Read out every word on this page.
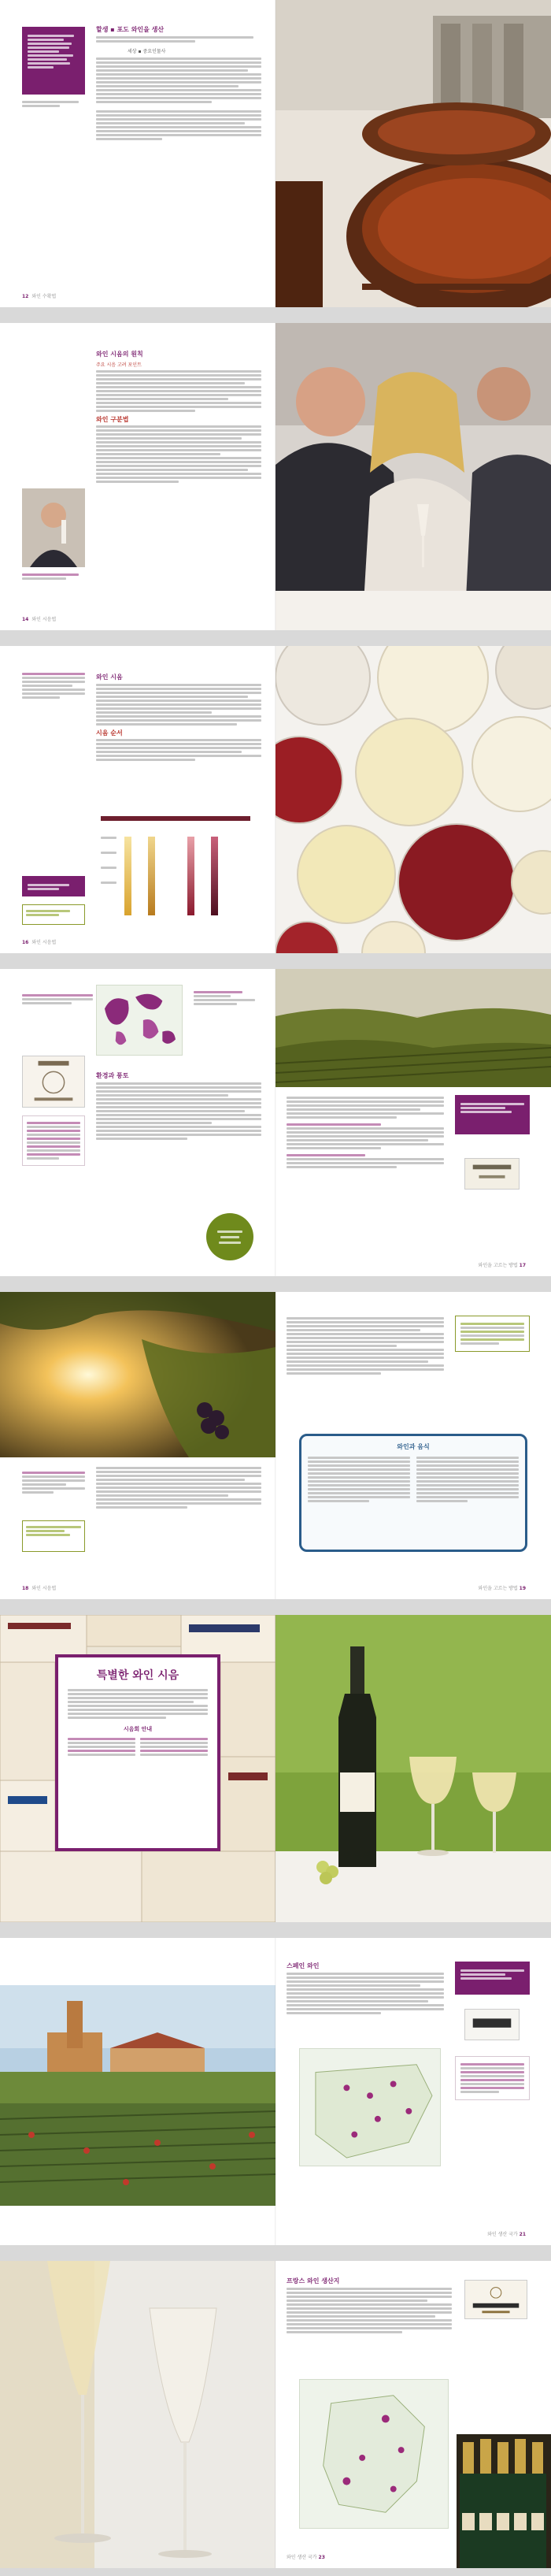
할생 ▪ 포도 와인을 생산
세상 ▪ 중요인물사
12 와인 수확법
와인 시음의 원칙
주요 시음 고려 포인트
와인 구분법
14 와인 시음법
와인 시음
시음 순서
16 와인 시음법
환경과 풍토
와인을 고르는 방법 17
18 와인 시음법
와인과 음식
와인을 고르는 방법 19
특별한 와인 시음
시음회 안내
스페인 와인
와인 생산 국가 21
프랑스 와인 생산지
와인 생산 국가 23
